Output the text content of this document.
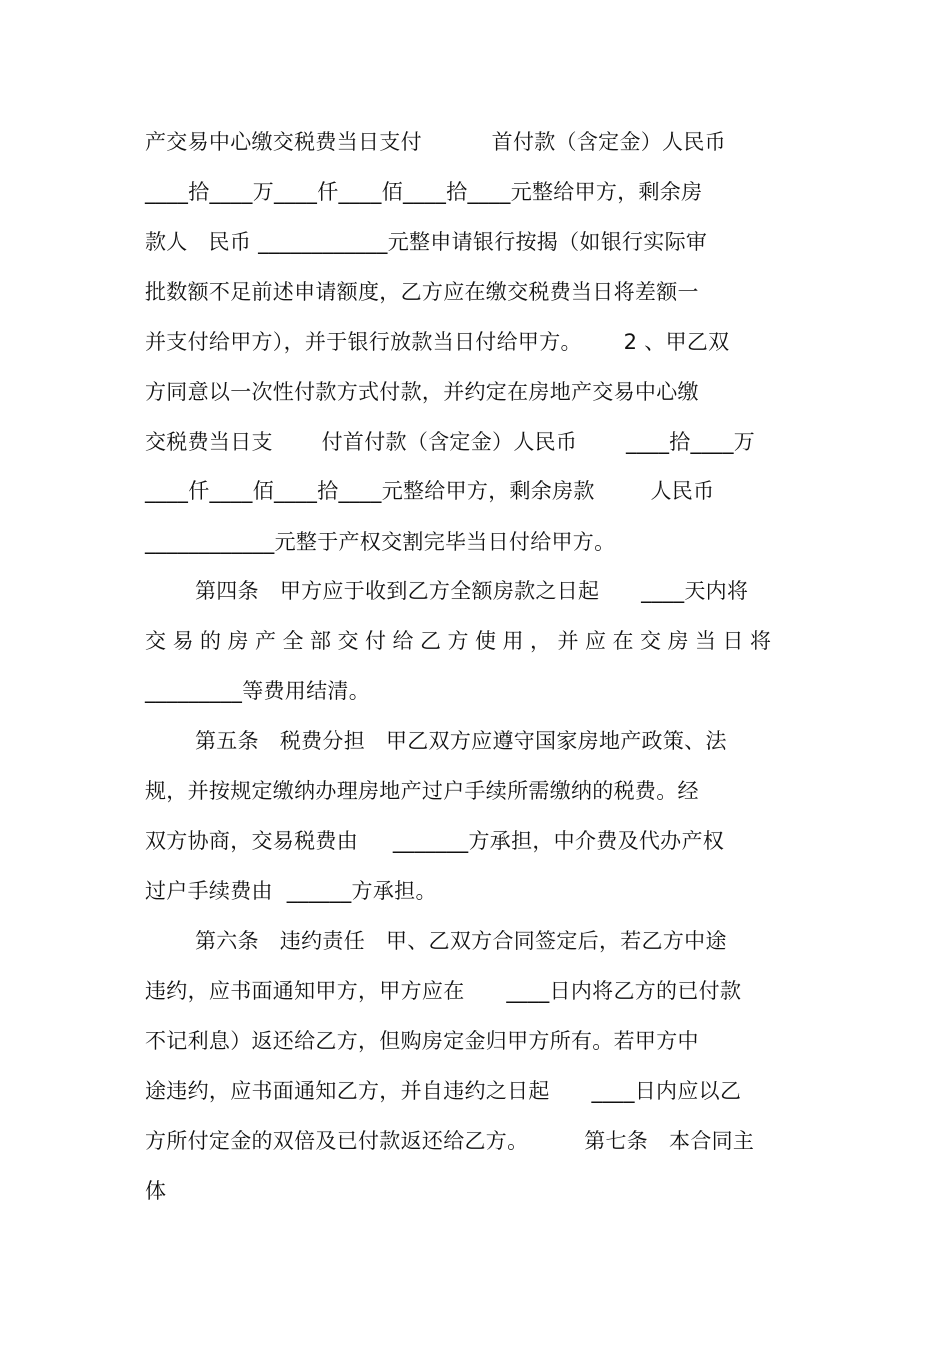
产交易中心缴交税费当日支付          首付款（含定金）人民币
____拾____万____仟____佰____拾____元整给甲方，剩余房
款人   民币 ____________元整申请银行按揭（如银行实际审
批数额不足前述申请额度，乙方应在缴交税费当日将差额一
并支付给甲方），并于银行放款当日付给甲方。      2 、甲乙双
方同意以一次性付款方式付款，并约定在房地产交易中心缴
交税费当日支       付首付款（含定金）人民币       ____拾____万
____仟____佰____拾____元整给甲方，剩余房款        人民币
____________元整于产权交割完毕当日付给甲方。
第四条   甲方应于收到乙方全额房款之日起      ____天内将
交易的房产全部交付给乙方使用，并应在交房当日将
_________等费用结清。
第五条   税费分担   甲乙双方应遵守国家房地产政策、法
规，并按规定缴纳办理房地产过户手续所需缴纳的税费。经
双方协商，交易税费由     _______方承担，中介费及代办产权
过户手续费由  ______方承担。
第六条   违约责任   甲、乙双方合同签定后，若乙方中途
违约，应书面通知甲方，甲方应在      ____日内将乙方的已付款
不记利息）返还给乙方，但购房定金归甲方所有。若甲方中
途违约，应书面通知乙方，并自违约之日起      ____日内应以乙
方所付定金的双倍及已付款返还给乙方。        第七条   本合同主
体
